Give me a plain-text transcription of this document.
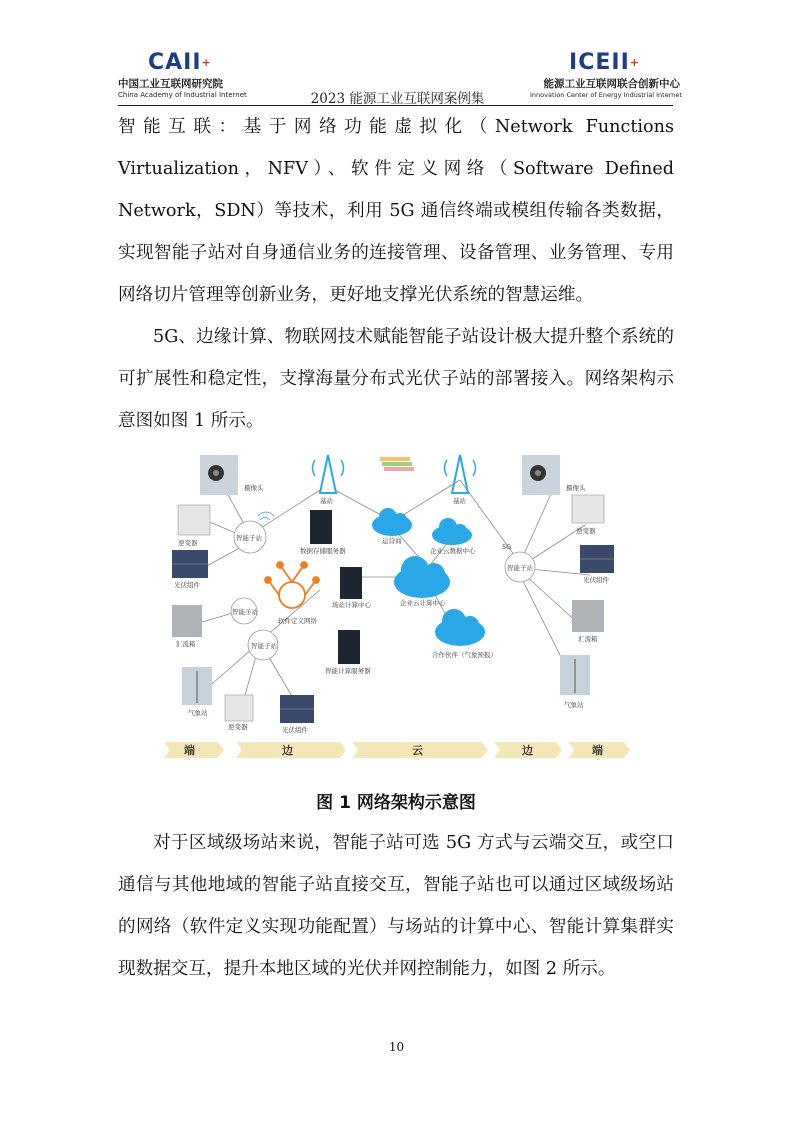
CAII+
中国工业互联网研究院
China Academy of Industrial Internet	2023 能源工业互联网案例集
ICEII+
能源工业互联网联合创新中心
Innovation Center of Energy Industrial Internet

智能互联：基于网络功能虚拟化（Network Functions Virtualization，NFV）、软件定义网络（Software Defined Network，SDN）等技术，利用 5G 通信终端或模组传输各类数据，实现智能子站对自身通信业务的连接管理、设备管理、业务管理、专用网络切片管理等创新业务，更好地支撑光伏系统的智慧运维。

5G、边缘计算、物联网技术赋能智能子站设计极大提升整个系统的可扩展性和稳定性，支撑海量分布式光伏子站的部署接入。网络架构示意图如图 1 所示。

摄像头
逆变器
光伏组件
智能子站
基站	基站
数据存储服务器
运营商
企业云数据中心
软件定义网络
场站计算中心	企业云计算中心
智能计算服务器
合作伙伴（气象预报）
智能子站
汇流箱	智能子站
气象站
逆变器	光伏组件
摄像头
逆变器
智能子站
5G
光伏组件
汇流箱
气象站
端	边	云	边	端
图 1 网络架构示意图

对于区域级场站来说，智能子站可选 5G 方式与云端交互，或空口通信与其他地域的智能子站直接交互，智能子站也可以通过区域级场站的网络（软件定义实现功能配置）与场站的计算中心、智能计算集群实现数据交互，提升本地区域的光伏并网控制能力，如图 2 所示。

10
